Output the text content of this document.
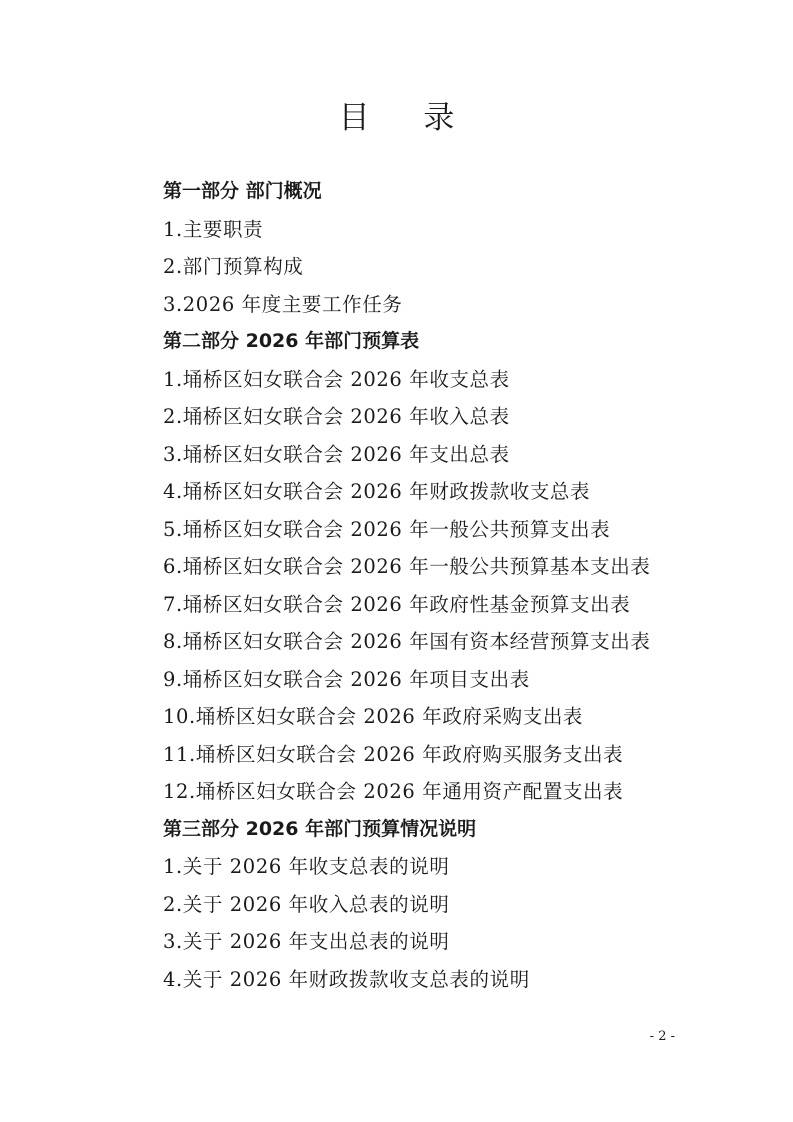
目 录
第一部分 部门概况
1.主要职责
2.部门预算构成
3.2026 年度主要工作任务
第二部分 2026 年部门预算表
1.埇桥区妇女联合会 2026 年收支总表
2.埇桥区妇女联合会 2026 年收入总表
3.埇桥区妇女联合会 2026 年支出总表
4.埇桥区妇女联合会 2026 年财政拨款收支总表
5.埇桥区妇女联合会 2026 年一般公共预算支出表
6.埇桥区妇女联合会 2026 年一般公共预算基本支出表
7.埇桥区妇女联合会 2026 年政府性基金预算支出表
8.埇桥区妇女联合会 2026 年国有资本经营预算支出表
9.埇桥区妇女联合会 2026 年项目支出表
10.埇桥区妇女联合会 2026 年政府采购支出表
11.埇桥区妇女联合会 2026 年政府购买服务支出表
12.埇桥区妇女联合会 2026 年通用资产配置支出表
第三部分 2026 年部门预算情况说明
1.关于 2026 年收支总表的说明
2.关于 2026 年收入总表的说明
3.关于 2026 年支出总表的说明
4.关于 2026 年财政拨款收支总表的说明
- 2 -
